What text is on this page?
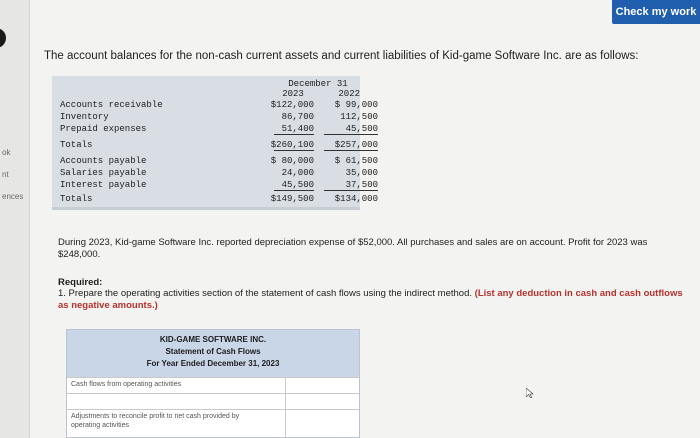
ok
nt
ences
Check my work
The account balances for the non-cash current assets and current liabilities of Kid-game Software Inc. are as follows:
December 31
2023	2022
Accounts receivable	$122,000	$ 99,000
Inventory	86,700	112,500
Prepaid expenses	51,400	45,500
Totals	$260,100	$257,000
Accounts payable	$ 80,000	$ 61,500
Salaries payable	24,000	35,000
Interest payable	45,500	37,500
Totals	$149,500	$134,000
During 2023, Kid-game Software Inc. reported depreciation expense of $52,000. All purchases and sales are on account. Profit for 2023 was $248,000.
Required:
1. Prepare the operating activities section of the statement of cash flows using the indirect method. (List any deduction in cash and cash outflows as negative amounts.)
KID-GAME SOFTWARE INC.
Statement of Cash Flows
For Year Ended December 31, 2023
Cash flows from operating activities
Adjustments to reconcile profit to net cash provided by operating activities
